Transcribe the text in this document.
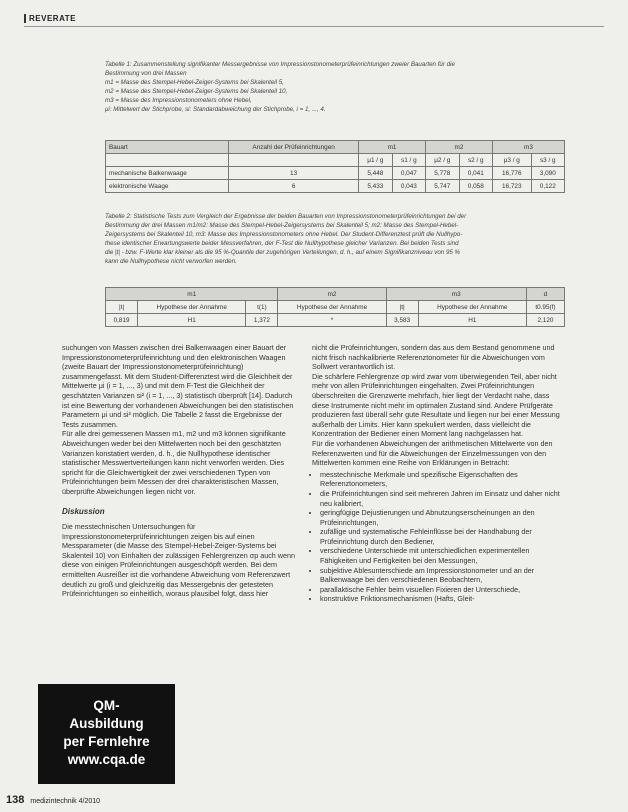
REVERATE
Tabelle 1: Zusammenstellung signifikanter Messergebnisse von Impressionstonometerprüfeinrichtungen zweier Bauarten für die
Bestimmung von drei Massen
m1 = Masse des Stempel-Hebel-Zeiger-Systems bei Skalenteil 5,
m2 = Masse des Stempel-Hebel-Zeiger-Systems bei Skalenteil 10,
m3 = Masse des Impressionstonometers ohne Hebel,
μi: Mittelwert der Stichprobe, si: Standardabweichung der Stichprobe, i = 1, ..., 4.
Bauart	Anzahl der Prüfeinrichtungen	m1		m2		m3	
		μ1 / g	s1 / g	μ2 / g	s2 / g	μ3 / g	s3 / g
mechanische Balkenwaage	13	5,448	0,047	5,778	0,041	16,776	3,090
elektronische Waage	6	5,433	0,043	5,747	0,058	16,723	0,122
Tabelle 2: Statistische Tests zum Vergleich der Ergebnisse der beiden Bauarten von Impressionstonometerprüfeinrichtungen bei der
Bestimmung der drei Massen m1/m2: Masse des Stempel-Hebel-Zeigersystems bei Skalenteil 5; m2: Masse des Stempel-Hebel-
Zeigersystems bei Skalenteil 10, m3: Masse des Impressionstonometers ohne Hebel. Der Student-Differenztest prüft die Nullhypo-
these identischer Erwartungswerte beider Messverfahren, der F-Test die Nullhypothese gleicher Varianzen. Bei beiden Tests sind
die |t| - bzw. F-Werte klar kleiner als die 95 %-Quantile der zugehörigen Verteilungen, d. h., auf einem Signifikanzniveau von 95 %
kann die Nullhypothese nicht verworfen werden.
m1			m2	m3		d
|t|	Hypothese der Annahme	t(1)	Hypothese der Annahme	|t|	Hypothese der Annahme	t0.95(f)
0,819	H1	1,372	*	3,583	H1	2,120

suchungen von Massen zwischen drei Balkenwaagen einer Bauart der Impressionstonometerprüfeinrichtung und den elektronischen Waagen (zweite Bauart der Impressionstonometerprüfeinrichtung) zusammengefasst. Mit dem Student-Differenztest wird die Gleichheit der Mittelwerte μi (i = 1, ..., 3) und mit dem F-Test die Gleichheit der geschätzten Varianzen si² (i = 1, ..., 3) statistisch überprüft [14]. Dadurch ist eine Bewertung der vorhandenen Abweichungen bei den statistischen Parametern μi und si² möglich. Die Tabelle 2 fasst die Ergebnisse der Tests zusammen.

Für alle drei gemessenen Massen m1, m2 und m3 können signifikante Abweichungen weder bei den Mittelwerten noch bei den geschätzten Varianzen konstatiert werden, d. h., die Nullhypothese identischer statistischer Messwertverteilungen kann nicht verworfen werden. Dies spricht für die Gleichwertigkeit der zwei verschiedenen Typen von Prüfeinrichtungen beim Messen der drei charakteristischen Massen, überprüfte Abweichungen liegen nicht vor.

Diskussion

Die messtechnischen Untersuchungen für Impressionstonometerprüfeinrichtungen zeigen bis auf einen Messparameter (die Masse des Stempel-Hebel-Zeiger-Systems bei Skalenteil 10) von Einhalten der zulässigen Fehlergrenzen σp auch wenn diese von einigen Prüfeinrichtungen ausgeschöpft werden. Bei dem ermittelten Ausreißer ist die vorhandene Abweichung vom Referenzwert deutlich zu groß und gleichzeitig das Messergebnis der getesteten Prüfeinrichtungen so einheitlich, woraus plausibel folgt, dass hier

QM-
Ausbildung
per Fernlehre
www.cqa.de

nicht die Prüfeinrichtungen, sondern das aus dem Bestand genommene und nicht frisch nachkalibrierte Referenztonometer für die Abweichungen vom Sollwert verantwortlich ist.

Die schärfere Fehlergrenze σp wird zwar vom überwiegenden Teil, aber nicht mehr von allen Prüfeinrichtungen eingehalten. Zwei Prüfeinrichtungen überschreiten die Grenzwerte mehrfach, hier liegt der Verdacht nahe, dass diese Instrumente nicht mehr im optimalen Zustand sind. Andere Prüfgeräte produzieren fast überall sehr gute Resultate und liegen nur bei einer Messung außerhalb der Limits. Hier kann spekuliert werden, dass vielleicht die Konzentration der Bediener einen Moment lang nachgelassen hat.

Für die vorhandenen Abweichungen der arithmetischen Mittelwerte von den Referenzwerten und für die Abweichungen der Einzelmessungen von den Mittelwerten kommen eine Reihe von Erklärungen in Betracht:

• messtechnische Merkmale und spezifische Eigenschaften des Referenztonometers,
• die Prüfeinrichtungen sind seit mehreren Jahren im Einsatz und daher nicht neu kalibriert,
• geringfügige Dejustierungen und Abnutzungserscheinungen an den Prüfeinrichtungen,
• zufällige und systematische Fehleinflüsse bei der Handhabung der Prüfeinrichtung durch den Bediener,
• verschiedene Unterschiede mit unterschiedlichen experimentellen Fähigkeiten und Fertigkeiten bei den Messungen,
• subjektive Ablesunterschiede am Impressionstonometer und an der Balkenwaage bei den verschiedenen Beobachtern,
• parallaktische Fehler beim visuellen Fixieren der Unterschiede,
• konstruktive Friktionsmechanismen (Hafts, Gleit-
138 medizintechnik 4/2010
